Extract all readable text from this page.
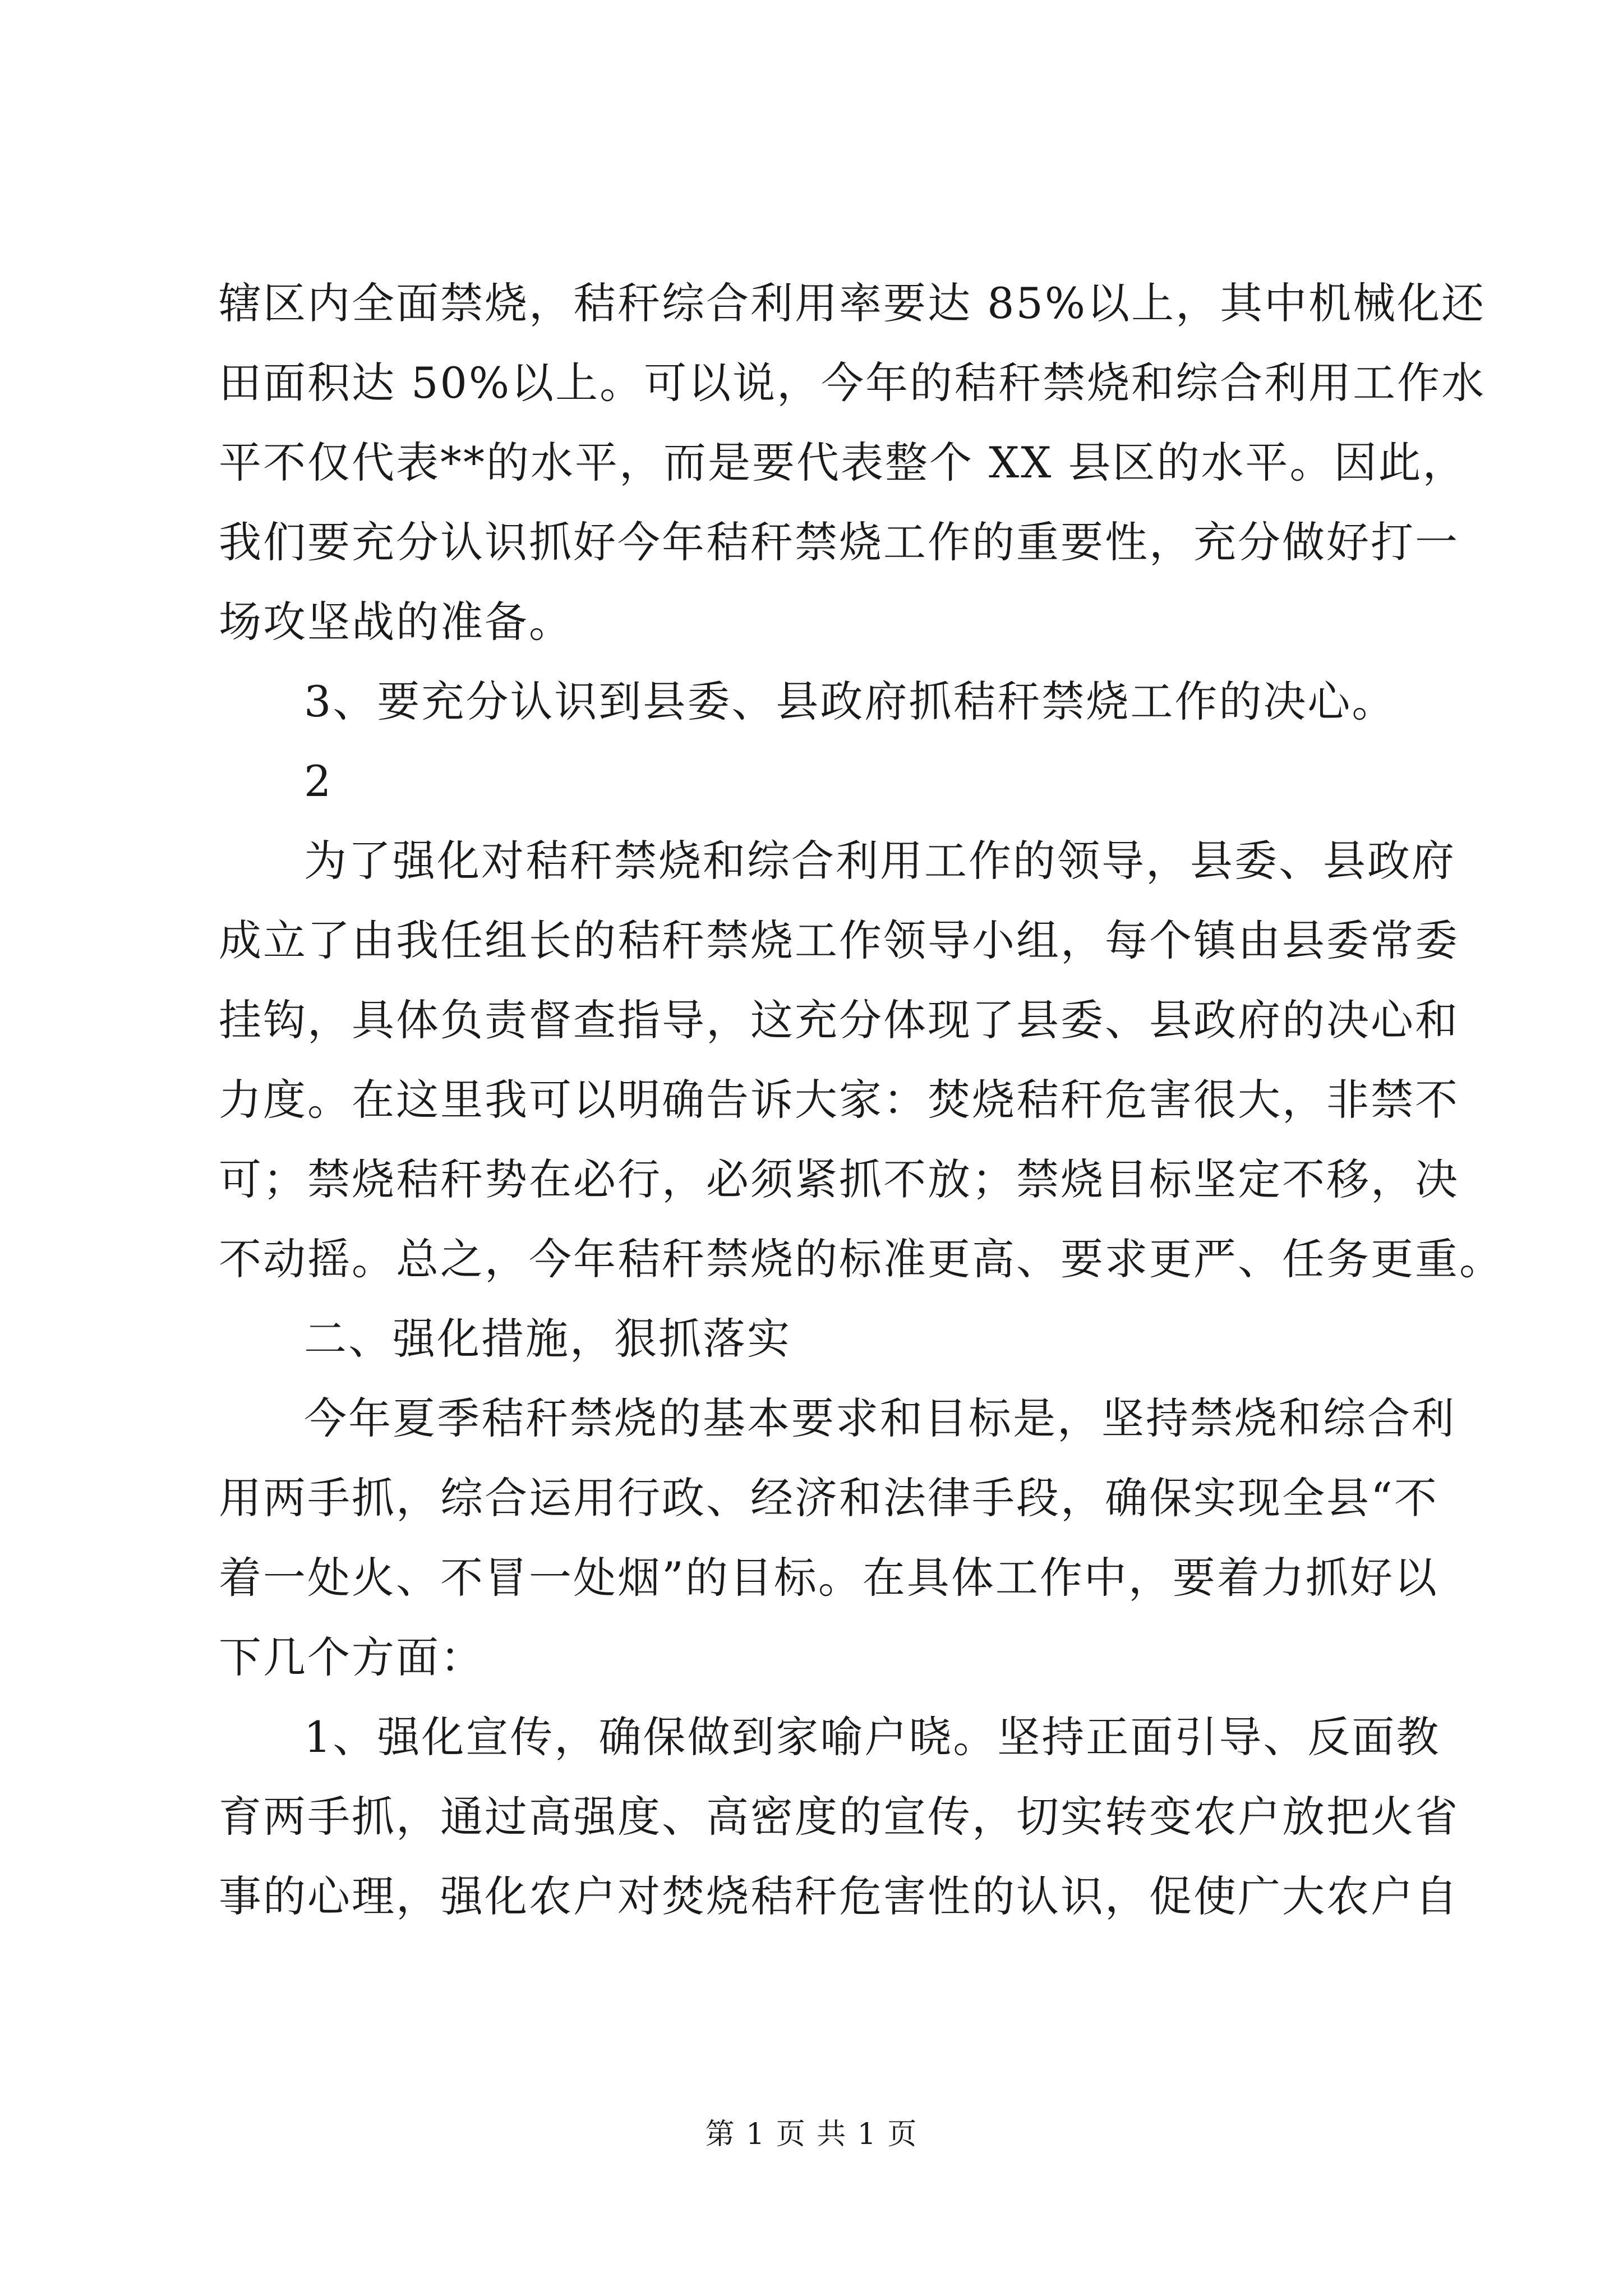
辖区内全面禁烧，秸秆综合利用率要达 85%以上，其中机械化还
田面积达 50%以上。可以说，今年的秸秆禁烧和综合利用工作水
平不仅代表**的水平，而是要代表整个 XX 县区的水平。因此，
我们要充分认识抓好今年秸秆禁烧工作的重要性，充分做好打一
场攻坚战的准备。
3、要充分认识到县委、县政府抓秸秆禁烧工作的决心。
2
为了强化对秸秆禁烧和综合利用工作的领导，县委、县政府
成立了由我任组长的秸秆禁烧工作领导小组，每个镇由县委常委
挂钩，具体负责督查指导，这充分体现了县委、县政府的决心和
力度。在这里我可以明确告诉大家：焚烧秸秆危害很大，非禁不
可；禁烧秸秆势在必行，必须紧抓不放；禁烧目标坚定不移，决
不动摇。总之，今年秸秆禁烧的标准更高、要求更严、任务更重。
二、强化措施，狠抓落实
今年夏季秸秆禁烧的基本要求和目标是，坚持禁烧和综合利
用两手抓，综合运用行政、经济和法律手段，确保实现全县“不
着一处火、不冒一处烟”的目标。在具体工作中，要着力抓好以
下几个方面：
1、强化宣传，确保做到家喻户晓。坚持正面引导、反面教
育两手抓，通过高强度、高密度的宣传，切实转变农户放把火省
事的心理，强化农户对焚烧秸秆危害性的认识，促使广大农户自
第 1 页 共 1 页
